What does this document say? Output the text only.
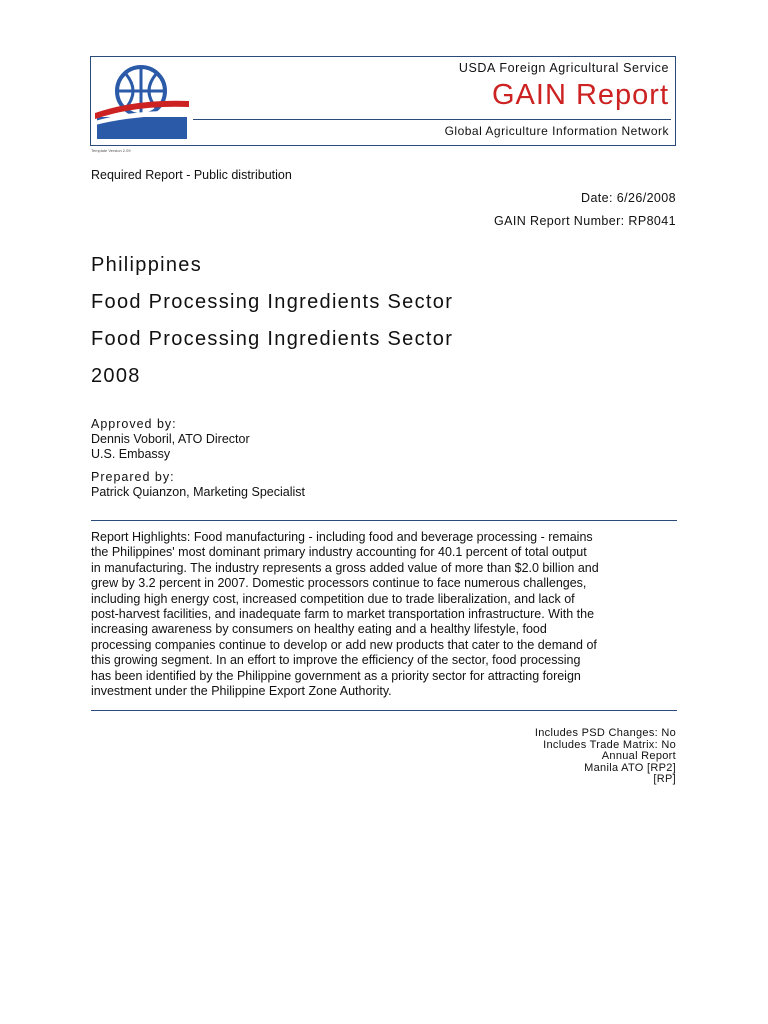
USDA Foreign Agricultural Service
GAIN Report
Global Agriculture Information Network
Template Version 2.09
Required Report - Public distribution
Date: 6/26/2008
GAIN Report Number: RP8041
Philippines
Food Processing Ingredients Sector
Food Processing Ingredients Sector
2008
Approved by:
Dennis Voboril, ATO Director
U.S. Embassy
Prepared by:
Patrick Quianzon, Marketing Specialist
Report Highlights: Food manufacturing - including food and beverage processing - remains
the Philippines' most dominant primary industry accounting for 40.1 percent of total output
in manufacturing. The industry represents a gross added value of more than $2.0 billion and
grew by 3.2 percent in 2007. Domestic processors continue to face numerous challenges,
including high energy cost, increased competition due to trade liberalization, and lack of
post-harvest facilities, and inadequate farm to market transportation infrastructure. With the
increasing awareness by consumers on healthy eating and a healthy lifestyle, food
processing companies continue to develop or add new products that cater to the demand of
this growing segment. In an effort to improve the efficiency of the sector, food processing
has been identified by the Philippine government as a priority sector for attracting foreign
investment under the Philippine Export Zone Authority.
Includes PSD Changes: No
Includes Trade Matrix: No
Annual Report
Manila ATO [RP2]
[RP]
